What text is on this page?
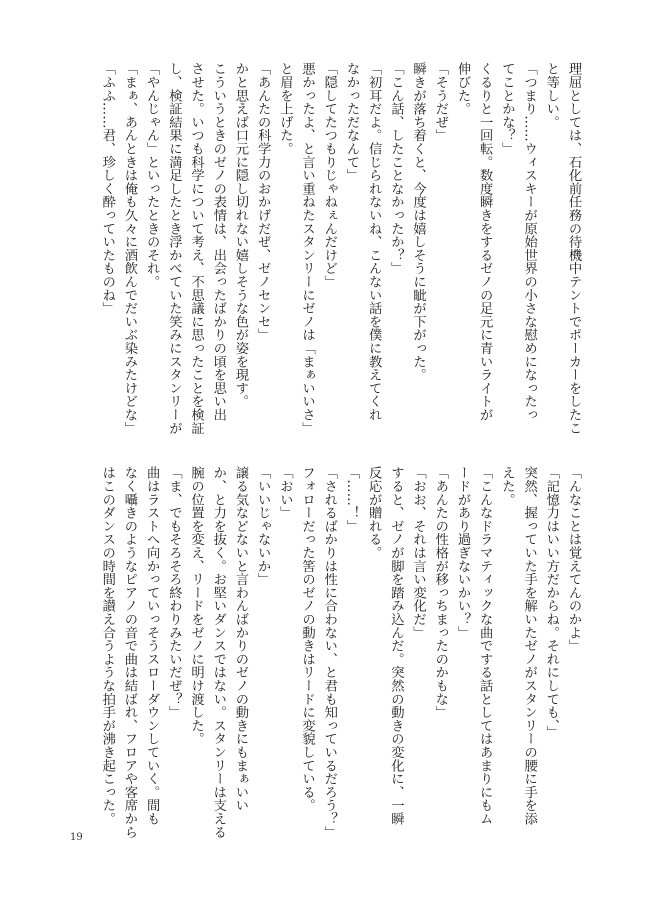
理屈としては、石化前任務の待機中テントでポーカーをしたこ
と等しい。
「つまり……ウィスキーが原始世界の小さな慰めになったっ
てことかな？」
くるりと一回転。数度瞬きをするゼノの足元に青いライトが
伸びた。
「そうだぜ」
瞬きが落ち着くと、今度は嬉しそうに眦が下がった。
「こん話、したことなかったか？」
「初耳だよ。信じられないね、こんない話を僕に教えてくれ
なかっただなんて」
「隠してたつもりじゃねぇんだけど」
悪かったよ、と言い重ねたスタンリーにゼノは「まぁいいさ」
と眉を上げた。
「あんたの科学力のおかげだぜ、ゼノセンセ」
かと思えば口元に隠し切れない嬉しそうな色が姿を現す。
こういうときのゼノの表情は、出会ったばかりの頃を思い出
させた。いつも科学について考え、不思議に思ったことを検証
し、検証結果に満足したとき浮かべていた笑みにスタンリーが
「やんじゃん」といったときのそれ。
「まぁ、あんときは俺も久々に酒飲んでだいぶ染みたけどな」
「ふふ……君、珍しく酔っていたものね」
「んなことは覚えてんのかよ」
「記憶力はいい方だからね。それにしても、」
突然、握っていた手を解いたゼノがスタンリーの腰に手を添
えた。
「こんなドラマティックな曲でする話としてはあまりにもム
ードがあり過ぎないかい？」
「あんたの性格が移っちまったのかもな」
「おお、それは言い変化だ」
すると、ゼノが脚を踏み込んだ。突然の動きの変化に、一瞬
反応が贈れる。
「……！」
「されるばかりは性に合わない、と君も知っているだろう？」
フォローだった筈のゼノの動きはリードに変貌している。
「おい」
「いいじゃないか」
譲る気などないと言わんばかりのゼノの動きにもまぁいい
か、と力を抜く。お堅いダンスではない。スタンリーは支える
腕の位置を変え、リードをゼノに明け渡した。
「ま、でもそろそろ終わりみたいだぜ？」
曲はラストへ向かっていっそうスローダウンしていく。間も
なく囁きのようなピアノの音で曲は結ばれ、フロアや客席から
はこのダンスの時間を讃え合うような拍手が沸き起こった。
19
